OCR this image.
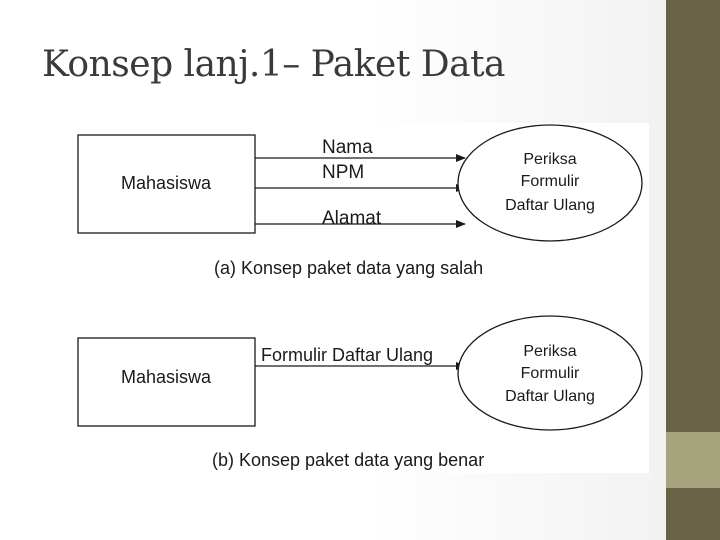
Konsep lanj.1– Paket Data
Mahasiswa
Nama
NPM
Alamat
Periksa
Formulir
Daftar Ulang
(a) Konsep paket data yang salah
Mahasiswa
Formulir Daftar Ulang	Periksa
Formulir
Daftar Ulang
(b) Konsep paket data yang benar
